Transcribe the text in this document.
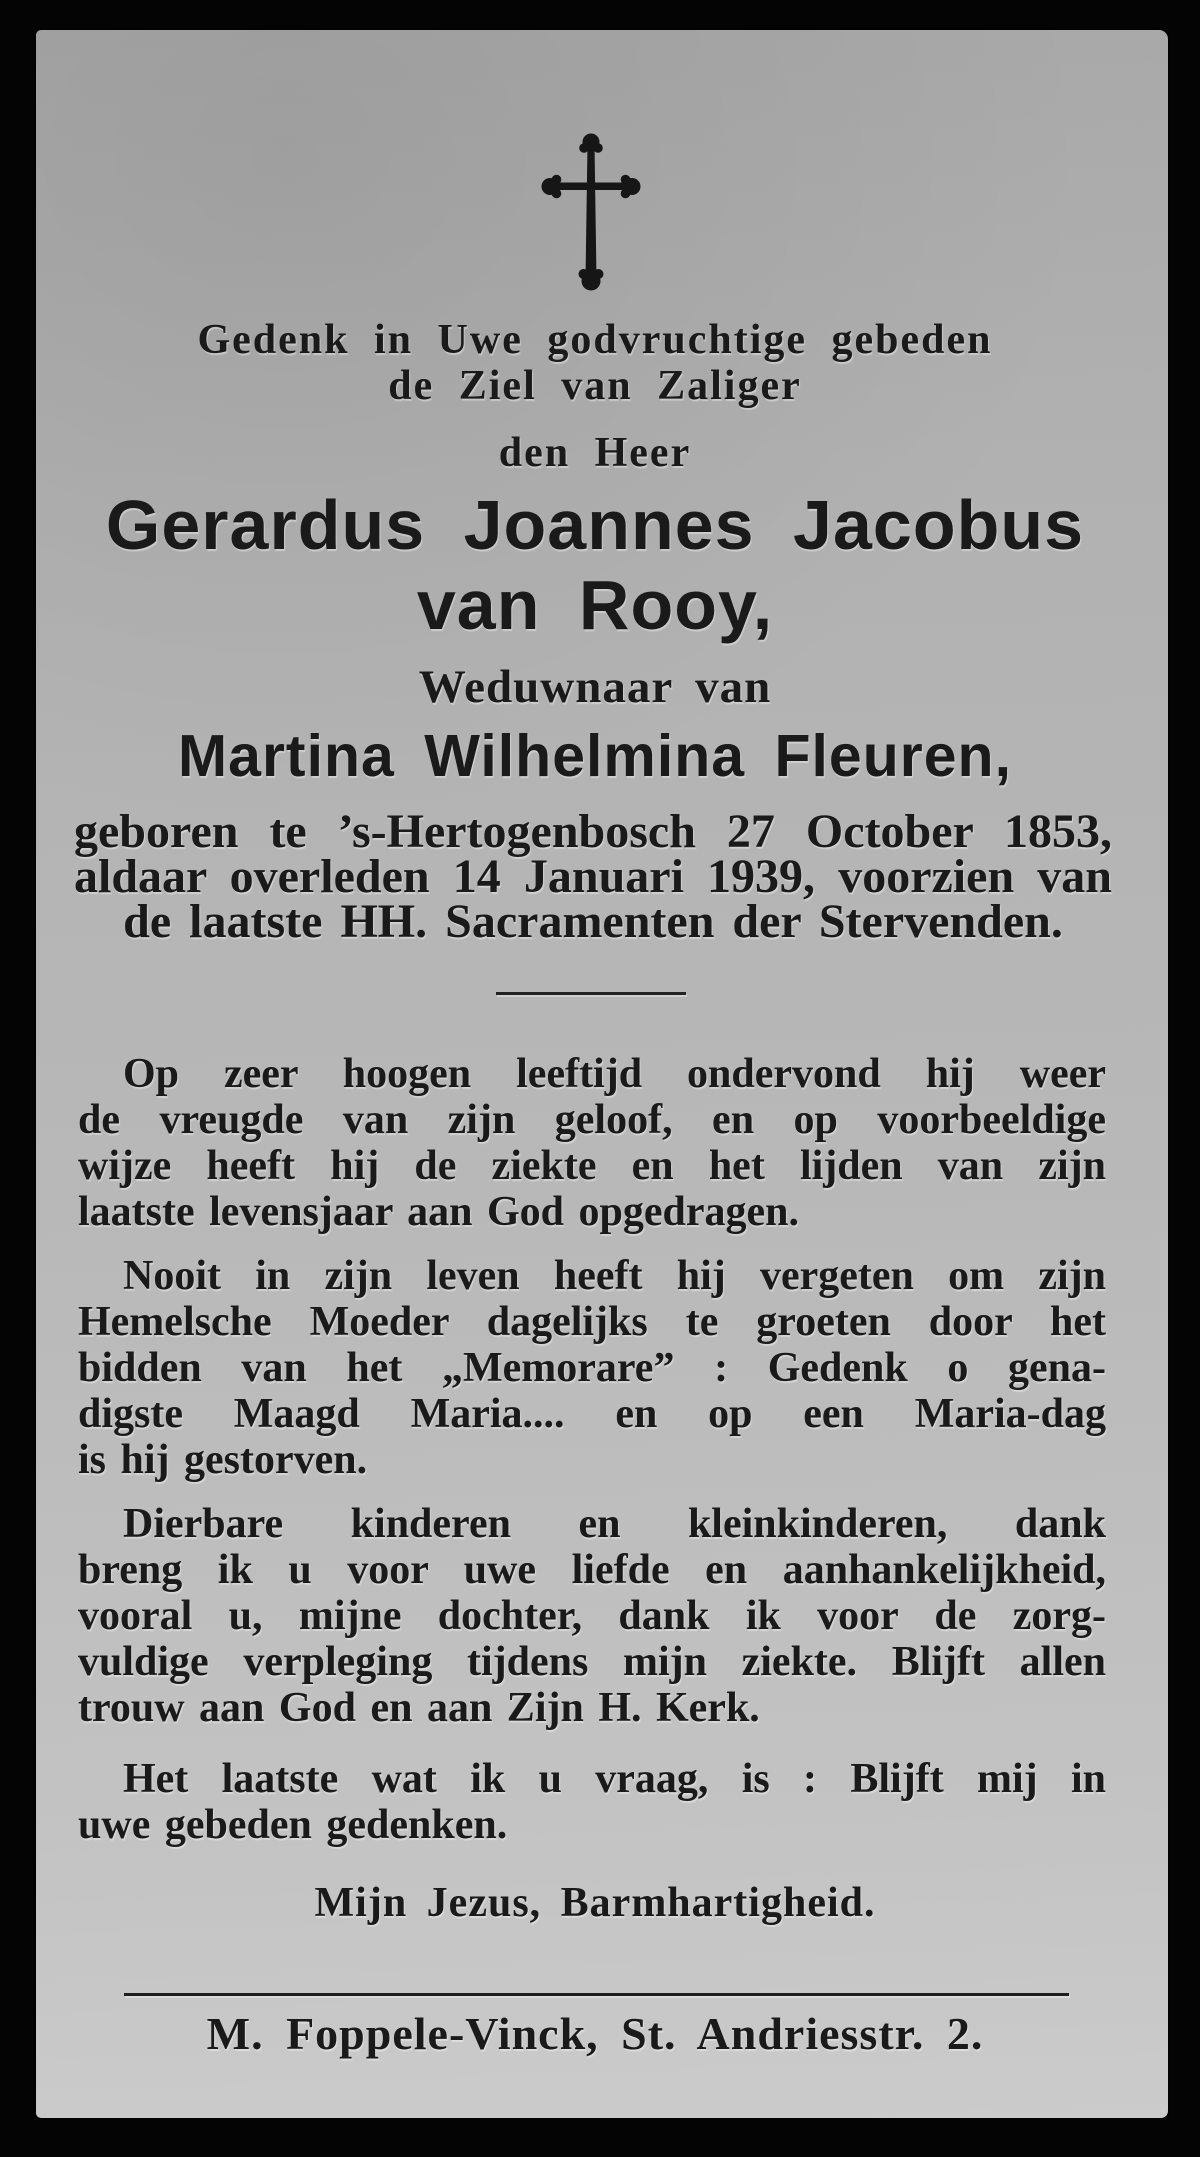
Gedenk in Uwe godvruchtige gebeden
de Ziel van Zaliger
den Heer
Gerardus Joannes Jacobus
van Rooy,
Weduwnaar van
Martina Wilhelmina Fleuren,
geboren te ’s-Hertogenbosch 27 October 1853,
aldaar overleden 14 Januari 1939, voorzien van
de laatste HH. Sacramenten der Stervenden.
Op zeer hoogen leeftijd ondervond hij weer
de vreugde van zijn geloof, en op voorbeeldige
wijze heeft hij de ziekte en het lijden van zijn
laatste levensjaar aan God opgedragen.
Nooit in zijn leven heeft hij vergeten om zijn
Hemelsche Moeder dagelijks te groeten door het
bidden van het „Memorare” : Gedenk o gena-
digste Maagd Maria.... en op een Maria-dag
is hij gestorven.
Dierbare kinderen en kleinkinderen, dank
breng ik u voor uwe liefde en aanhankelijkheid,
vooral u, mijne dochter, dank ik voor de zorg-
vuldige verpleging tijdens mijn ziekte. Blijft allen
trouw aan God en aan Zijn H. Kerk.
Het laatste wat ik u vraag, is : Blijft mij in
uwe gebeden gedenken.
Mijn Jezus, Barmhartigheid.
M. Foppele-Vinck, St. Andriesstr. 2.
